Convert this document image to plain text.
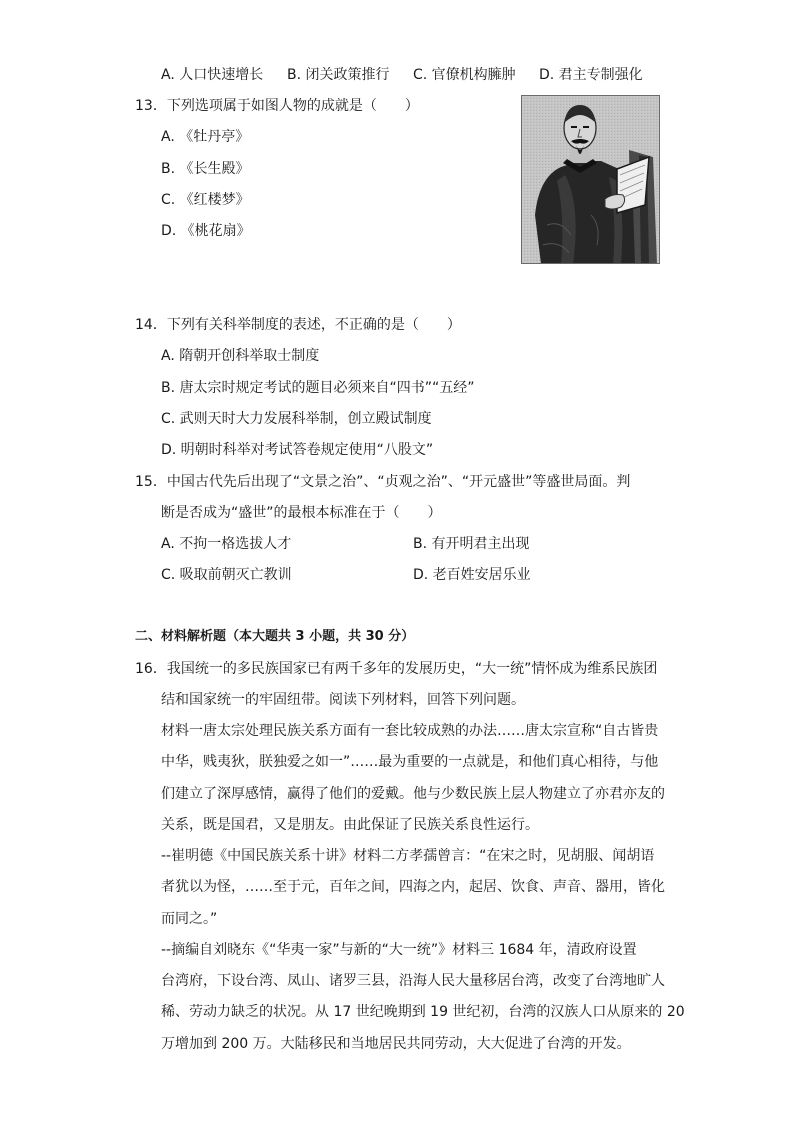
A. 人口快速增长 B. 闭关政策推行 C. 官僚机构臃肿 D. 君主专制强化
13．下列选项属于如图人物的成就是（　　）
A. 《牡丹亭》
B. 《长生殿》
C. 《红楼梦》
D. 《桃花扇》
14．下列有关科举制度的表述，不正确的是（　　）
A. 隋朝开创科举取士制度
B. 唐太宗时规定考试的题目必须来自“四书”“五经”
C. 武则天时大力发展科举制，创立殿试制度
D. 明朝时科举对考试答卷规定使用“八股文”
15．中国古代先后出现了“文景之治”、“贞观之治”、“开元盛世”等盛世局面。判
断是否成为“盛世”的最根本标准在于（　　）
A. 不拘一格选拔人才	B. 有开明君主出现
C. 吸取前朝灭亡教训	D. 老百姓安居乐业
二、材料解析题（本大题共 3 小题，共 30 分）
16．我国统一的多民族国家已有两千多年的发展历史，“大一统”情怀成为维系民族团
结和国家统一的牢固纽带。阅读下列材料，回答下列问题。
材料一唐太宗处理民族关系方面有一套比较成熟的办法……唐太宗宣称“自古皆贵
中华，贱夷狄，朕独爱之如一”……最为重要的一点就是，和他们真心相待，与他
们建立了深厚感情，赢得了他们的爱戴。他与少数民族上层人物建立了亦君亦友的
关系，既是国君，又是朋友。由此保证了民族关系良性运行。
--崔明德《中国民族关系十讲》材料二方孝孺曾言：“在宋之时，见胡服、闻胡语
者犹以为怪，……至于元，百年之间，四海之内，起居、饮食、声音、器用，皆化
而同之。”
--摘编自刘晓东《“华夷一家”与新的“大一统”》材料三 1684 年，清政府设置
台湾府，下设台湾、凤山、诸罗三县，沿海人民大量移居台湾，改变了台湾地旷人
稀、劳动力缺乏的状况。从 17 世纪晚期到 19 世纪初，台湾的汉族人口从原来的 20
万增加到 200 万。大陆移民和当地居民共同劳动，大大促进了台湾的开发。
